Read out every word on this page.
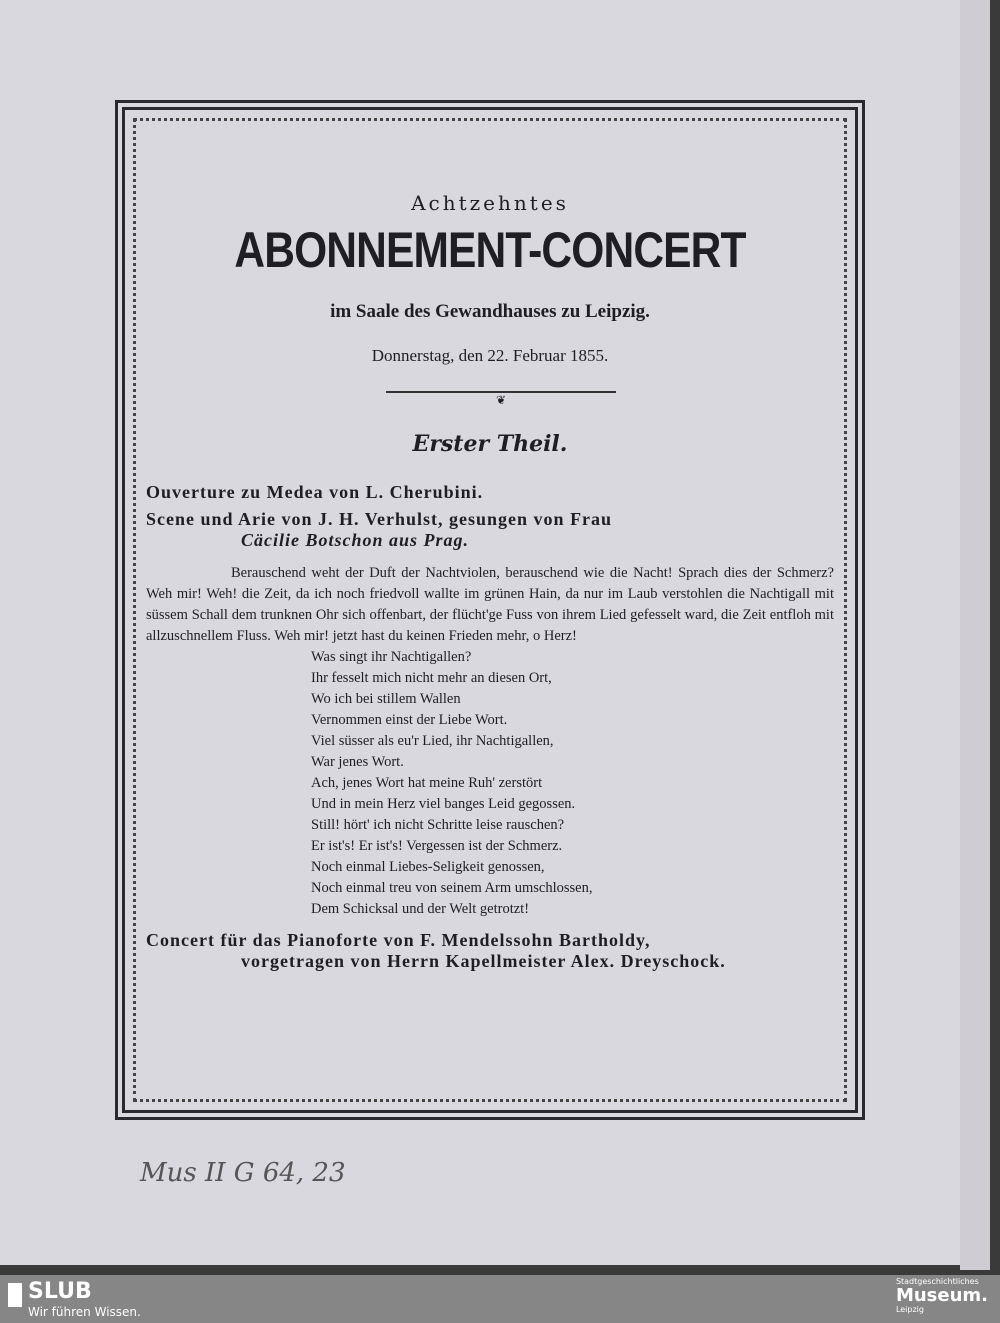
Achtzehntes
ABONNEMENT-CONCERT
im Saale des Gewandhauses zu Leipzig.
Donnerstag, den 22. Februar 1855.
❦
Erster Theil.
Ouverture zu Medea von L. Cherubini.
Scene und Arie von J. H. Verhulst, gesungen von Frau
Cäcilie Botschon aus Prag.
Berauschend weht der Duft der Nachtviolen, berauschend wie die Nacht! Sprach dies der Schmerz? Weh mir! Weh! die Zeit, da ich noch friedvoll wallte im grünen Hain, da nur im Laub verstohlen die Nachtigall mit süssem Schall dem trunknen Ohr sich offenbart, der flücht'ge Fuss von ihrem Lied gefesselt ward, die Zeit entfloh mit allzuschnellem Fluss. Weh mir! jetzt hast du keinen Frieden mehr, o Herz!
Was singt ihr Nachtigallen?
Ihr fesselt mich nicht mehr an diesen Ort,
Wo ich bei stillem Wallen
Vernommen einst der Liebe Wort.
Viel süsser als eu'r Lied, ihr Nachtigallen,
War jenes Wort.
Ach, jenes Wort hat meine Ruh' zerstört
Und in mein Herz viel banges Leid gegossen.
Still! hört' ich nicht Schritte leise rauschen?
Er ist's! Er ist's! Vergessen ist der Schmerz.
Noch einmal Liebes-Seligkeit genossen,
Noch einmal treu von seinem Arm umschlossen,
Dem Schicksal und der Welt getrotzt!
Concert für das Pianoforte von F. Mendelssohn Bartholdy,
vorgetragen von Herrn Kapellmeister Alex. Dreyschock.
Mus II G 64, 23
SLUB
Wir führen Wissen.
Stadtgeschichtliches
Museum.
Leipzig
